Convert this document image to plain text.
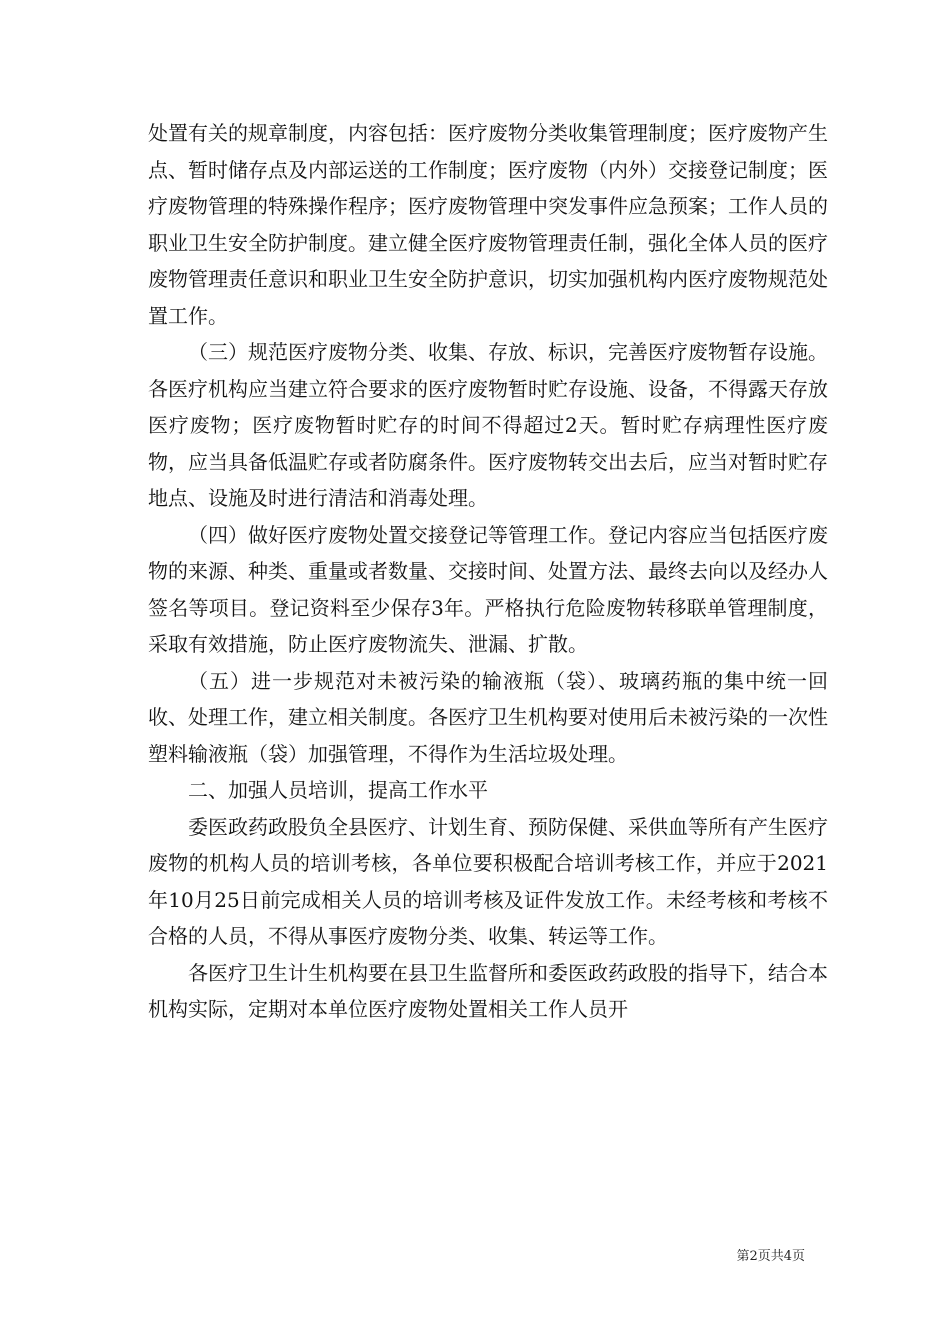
处置有关的规章制度，内容包括：医疗废物分类收集管理制度；医疗废物产生点、暂时储存点及内部运送的工作制度；医疗废物（内外）交接登记制度；医疗废物管理的特殊操作程序；医疗废物管理中突发事件应急预案；工作人员的职业卫生安全防护制度。建立健全医疗废物管理责任制，强化全体人员的医疗废物管理责任意识和职业卫生安全防护意识，切实加强机构内医疗废物规范处置工作。

（三）规范医疗废物分类、收集、存放、标识，完善医疗废物暂存设施。各医疗机构应当建立符合要求的医疗废物暂时贮存设施、设备，不得露天存放医疗废物；医疗废物暂时贮存的时间不得超过2天。暂时贮存病理性医疗废物，应当具备低温贮存或者防腐条件。医疗废物转交出去后，应当对暂时贮存地点、设施及时进行清洁和消毒处理。

（四）做好医疗废物处置交接登记等管理工作。登记内容应当包括医疗废物的来源、种类、重量或者数量、交接时间、处置方法、最终去向以及经办人签名等项目。登记资料至少保存3年。严格执行危险废物转移联单管理制度，采取有效措施，防止医疗废物流失、泄漏、扩散。

（五）进一步规范对未被污染的输液瓶（袋）、玻璃药瓶的集中统一回收、处理工作，建立相关制度。各医疗卫生机构要对使用后未被污染的一次性塑料输液瓶（袋）加强管理，不得作为生活垃圾处理。

二、加强人员培训，提高工作水平

委医政药政股负全县医疗、计划生育、预防保健、采供血等所有产生医疗废物的机构人员的培训考核，各单位要积极配合培训考核工作，并应于2021年10月25日前完成相关人员的培训考核及证件发放工作。未经考核和考核不合格的人员，不得从事医疗废物分类、收集、转运等工作。

各医疗卫生计生机构要在县卫生监督所和委医政药政股的指导下，结合本机构实际，定期对本单位医疗废物处置相关工作人员开

第2页共4页
